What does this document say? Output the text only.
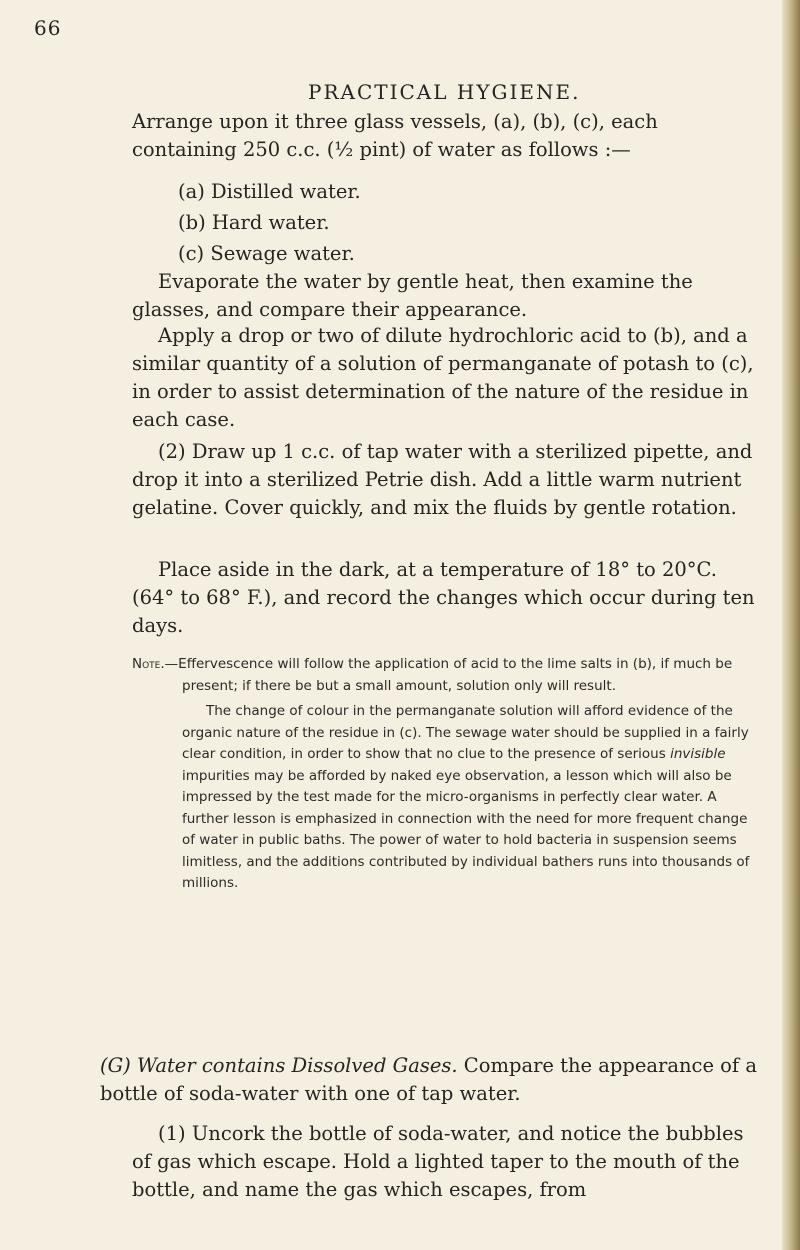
66
PRACTICAL HYGIENE.

Arrange upon it three glass vessels, (a), (b), (c), each containing 250 c.c. (½ pint) of water as follows :—

(a) Distilled water.
(b) Hard water.
(c) Sewage water.

Evaporate the water by gentle heat, then examine the glasses, and compare their appearance.

Apply a drop or two of dilute hydrochloric acid to (b), and a similar quantity of a solution of permanganate of potash to (c), in order to assist determination of the nature of the residue in each case.

(2) Draw up 1 c.c. of tap water with a sterilized pipette, and drop it into a sterilized Petrie dish. Add a little warm nutrient gelatine. Cover quickly, and mix the fluids by gentle rotation.

Place aside in the dark, at a temperature of 18° to 20°C. (64° to 68° F.), and record the changes which occur during ten days.

Note.—Effervescence will follow the application of acid to the lime salts in (b), if much be present; if there be but a small amount, solution only will result.
The change of colour in the permanganate solution will afford evidence of the organic nature of the residue in (c). The sewage water should be supplied in a fairly clear condition, in order to show that no clue to the presence of serious invisible impurities may be afforded by naked eye observation, a lesson which will also be impressed by the test made for the micro-organisms in perfectly clear water. A further lesson is emphasized in connection with the need for more frequent change of water in public baths. The power of water to hold bacteria in suspension seems limitless, and the additions contributed by individual bathers runs into thousands of millions.

(G) Water contains Dissolved Gases. Compare the appearance of a bottle of soda-water with one of tap water.

(1) Uncork the bottle of soda-water, and notice the bubbles of gas which escape. Hold a lighted taper to the mouth of the bottle, and name the gas which escapes, from
